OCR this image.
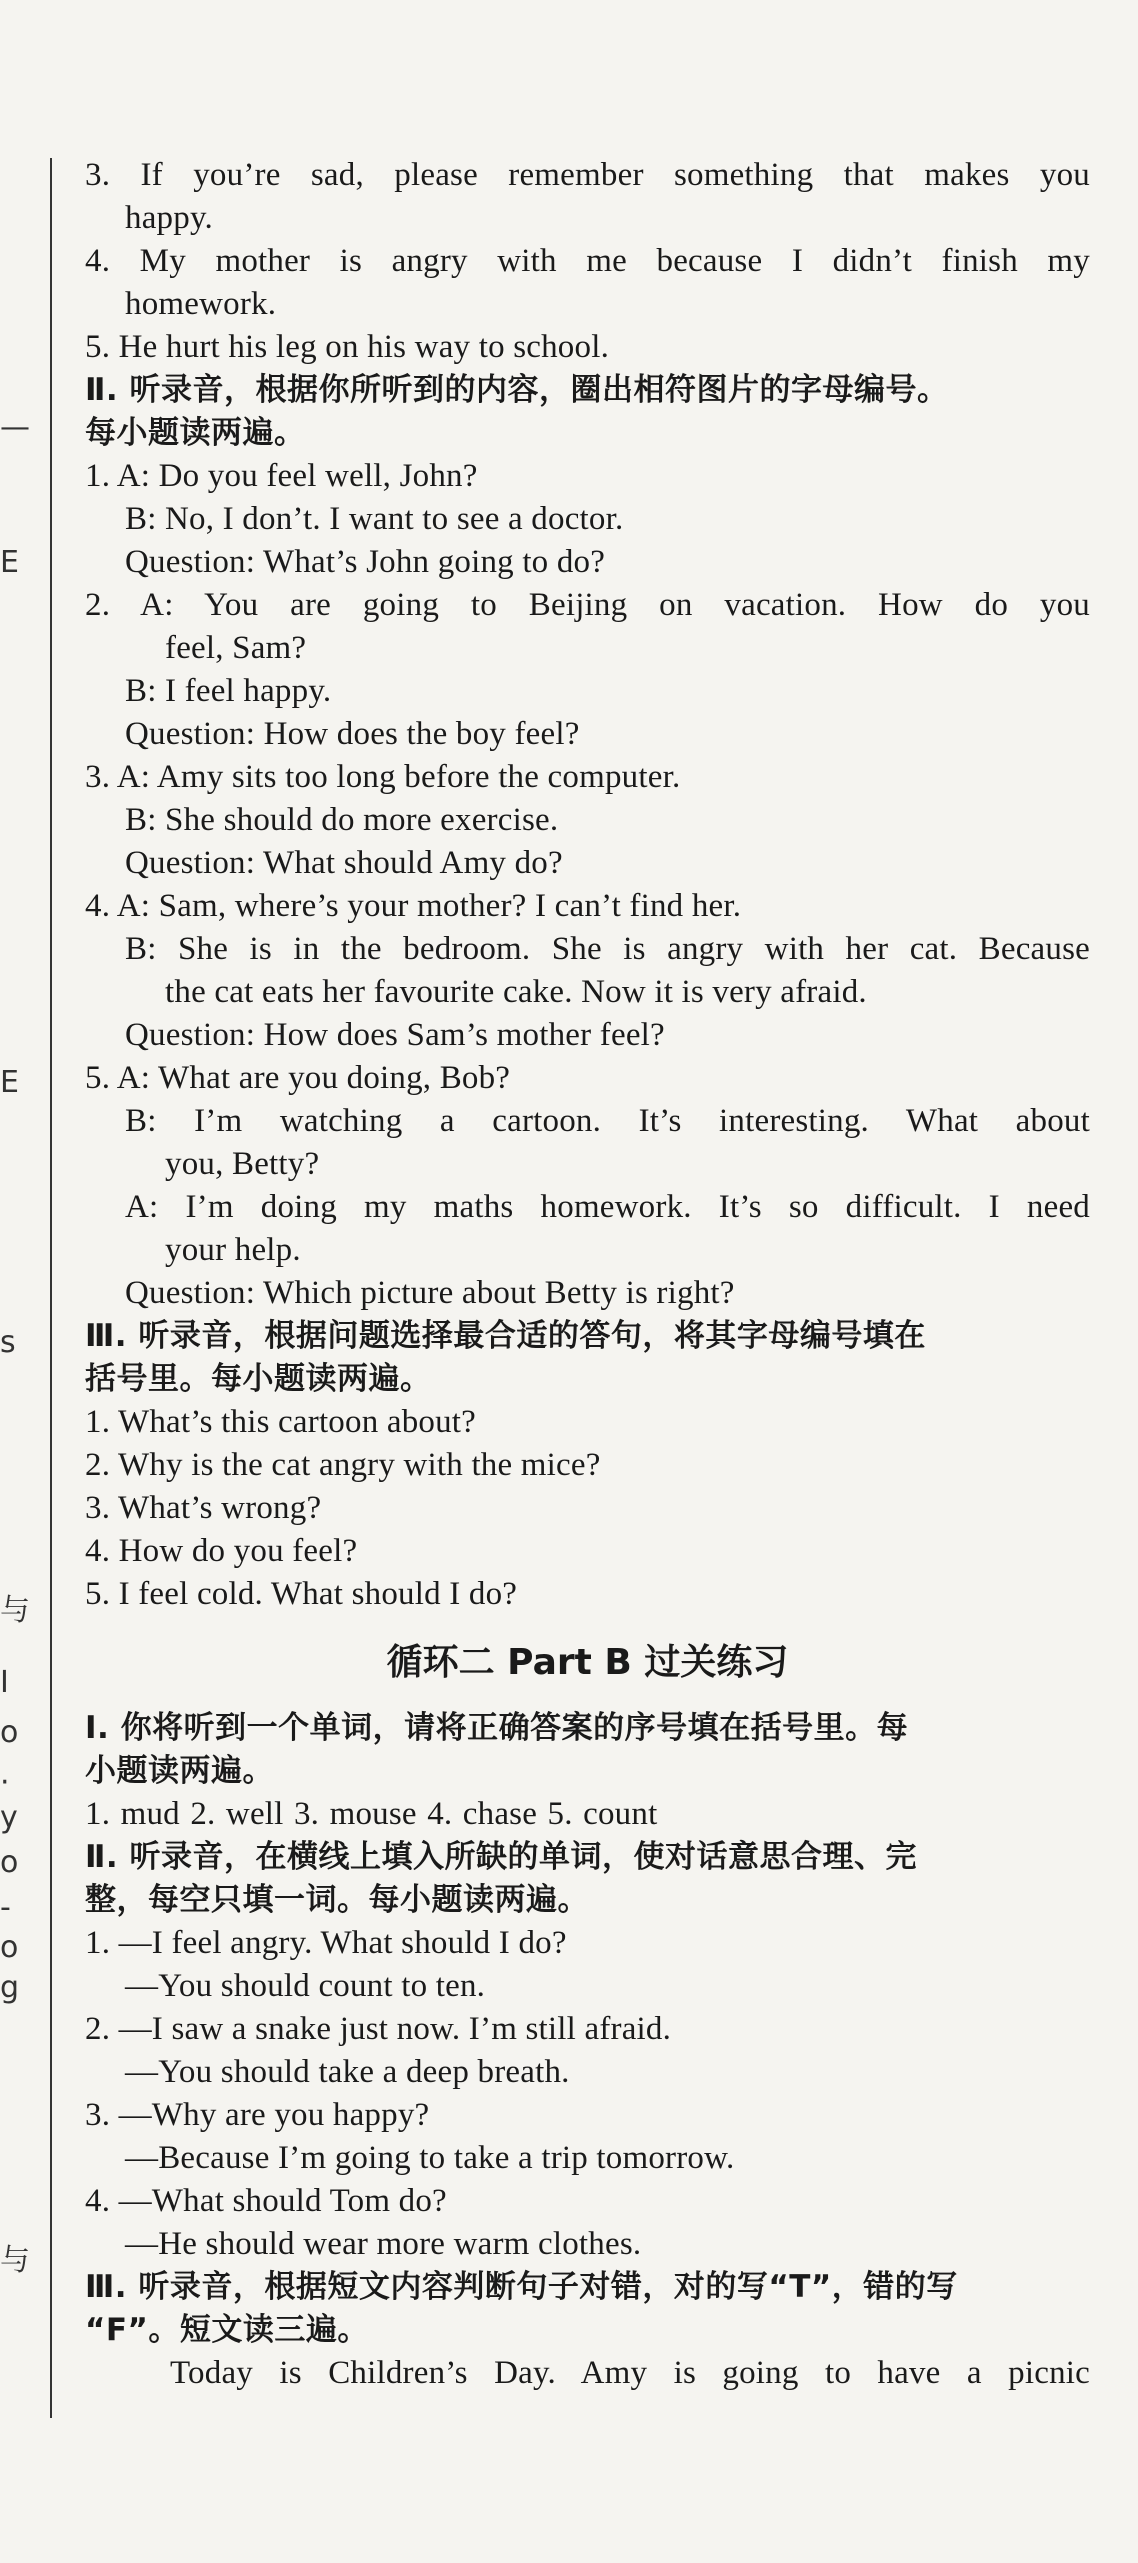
—
E
E
s
与
I
o
·
y
o
-
o
g
与
3. If you’re sad, please remember something that makes you
happy.
4. My mother is angry with me because I didn’t finish my
homework.
5. He hurt his leg on his way to school.
Ⅱ. 听录音，根据你所听到的内容，圈出相符图片的字母编号。
每小题读两遍。
1. A: Do you feel well, John?
B: No, I don’t. I want to see a doctor.
Question: What’s John going to do?
2. A: You are going to Beijing on vacation. How do you
feel, Sam?
B: I feel happy.
Question: How does the boy feel?
3. A: Amy sits too long before the computer.
B: She should do more exercise.
Question: What should Amy do?
4. A: Sam, where’s your mother? I can’t find her.
B: She is in the bedroom. She is angry with her cat. Because
the cat eats her favourite cake. Now it is very afraid.
Question: How does Sam’s mother feel?
5. A: What are you doing, Bob?
B: I’m watching a cartoon. It’s interesting. What about
you, Betty?
A: I’m doing my maths homework. It’s so difficult. I need
your help.
Question: Which picture about Betty is right?
Ⅲ. 听录音，根据问题选择最合适的答句，将其字母编号填在
括号里。每小题读两遍。
1. What’s this cartoon about?
2. Why is the cat angry with the mice?
3. What’s wrong?
4. How do you feel?
5. I feel cold. What should I do?
循环二 Part B 过关练习
Ⅰ. 你将听到一个单词，请将正确答案的序号填在括号里。每
小题读两遍。
1. mud 2. well 3. mouse 4. chase 5. count
Ⅱ. 听录音，在横线上填入所缺的单词，使对话意思合理、完
整，每空只填一词。每小题读两遍。
1. —I feel angry. What should I do?
—You should count to ten.
2. —I saw a snake just now. I’m still afraid.
—You should take a deep breath.
3. —Why are you happy?
—Because I’m going to take a trip tomorrow.
4. —What should Tom do?
—He should wear more warm clothes.
Ⅲ. 听录音，根据短文内容判断句子对错，对的写“T”，错的写
“F”。短文读三遍。
Today is Children’s Day. Amy is going to have a picnic
